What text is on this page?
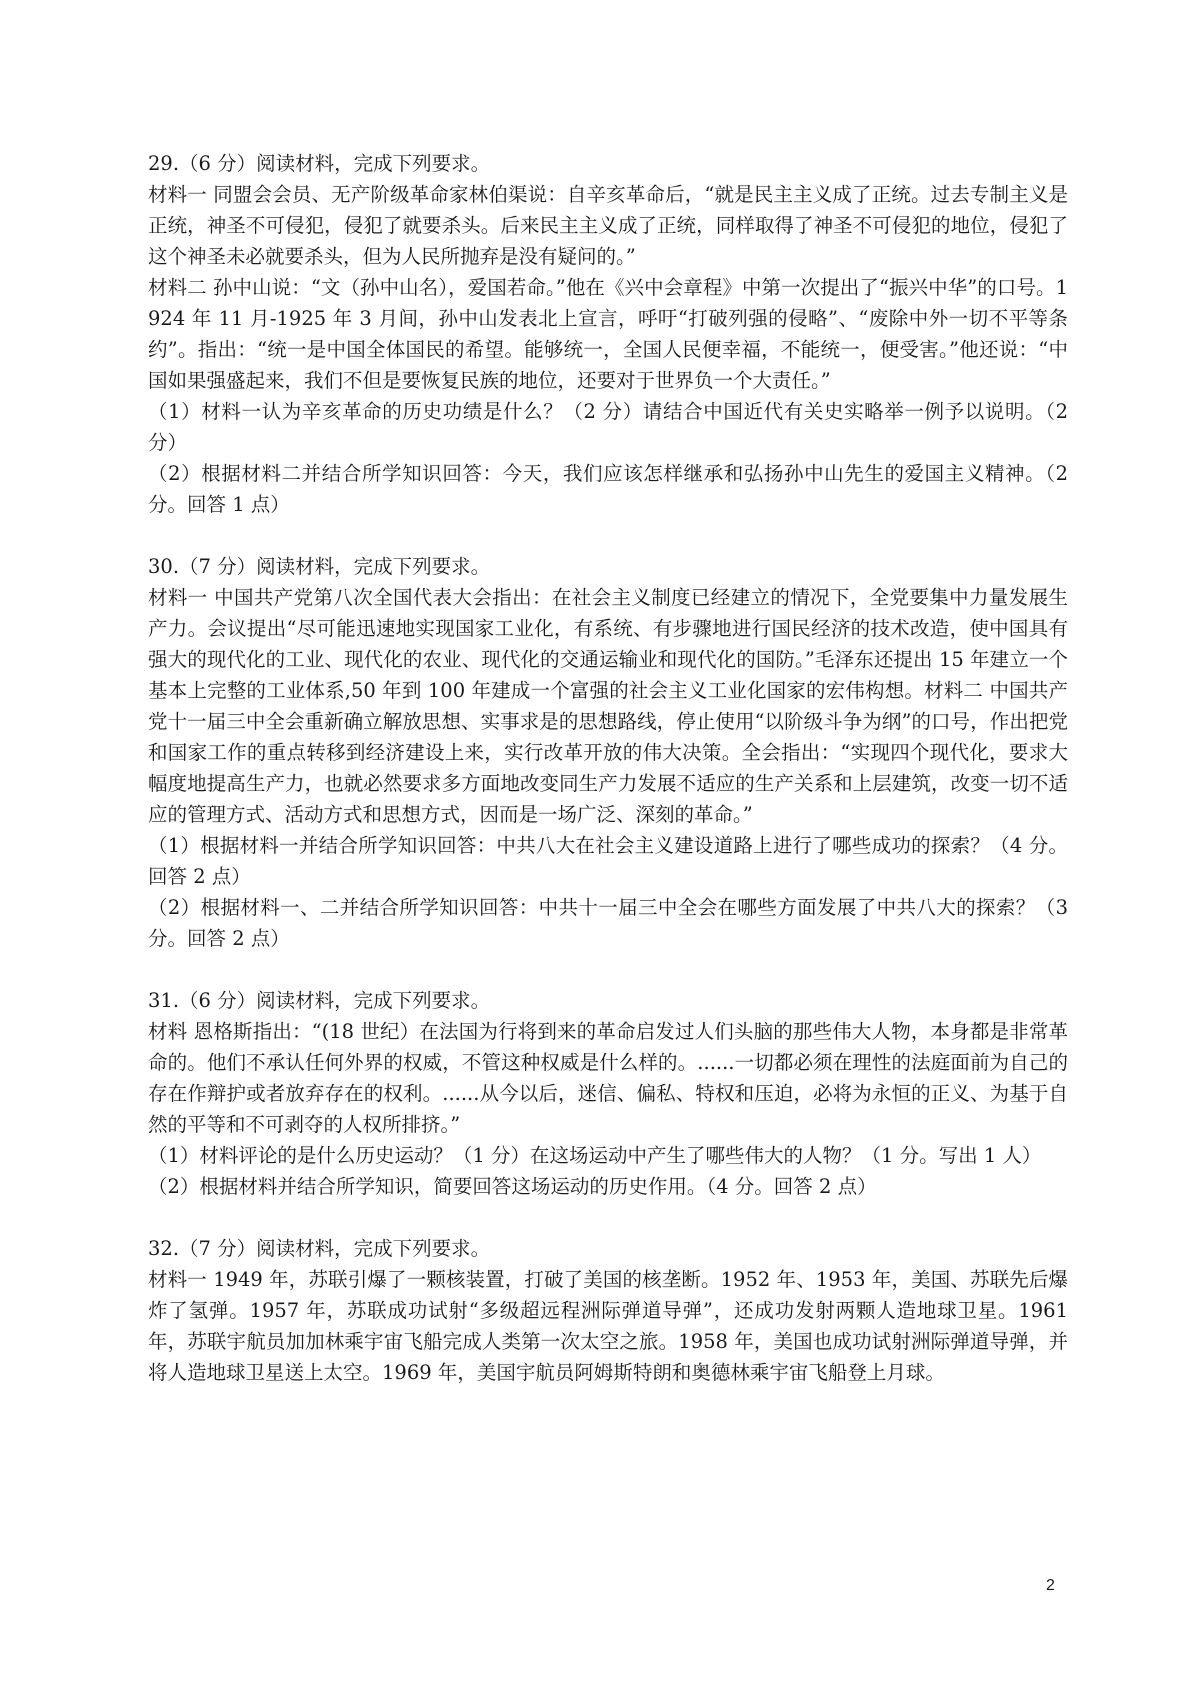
29.（6 分）阅读材料，完成下列要求。

材料一 同盟会会员、无产阶级革命家林伯渠说：自辛亥革命后，“就是民主主义成了正统。过去专制主义是正统，神圣不可侵犯，侵犯了就要杀头。后来民主主义成了正统，同样取得了神圣不可侵犯的地位，侵犯了这个神圣未必就要杀头，但为人民所抛弃是没有疑问的。”

材料二 孙中山说：“文（孙中山名），爱国若命。”他在《兴中会章程》中第一次提出了“振兴中华”的口号。1924 年 11 月-1925 年 3 月间，孙中山发表北上宣言，呼吁“打破列强的侵略”、“废除中外一切不平等条约”。指出：“统一是中国全体国民的希望。能够统一，全国人民便幸福，不能统一，便受害。”他还说：“中国如果强盛起来，我们不但是要恢复民族的地位，还要对于世界负一个大责任。”

（1）材料一认为辛亥革命的历史功绩是什么？（2 分）请结合中国近代有关史实略举一例予以说明。（2 分）

（2）根据材料二并结合所学知识回答：今天，我们应该怎样继承和弘扬孙中山先生的爱国主义精神。（2 分。回答 1 点）

30.（7 分）阅读材料，完成下列要求。

材料一 中国共产党第八次全国代表大会指出：在社会主义制度已经建立的情况下，全党要集中力量发展生产力。会议提出“尽可能迅速地实现国家工业化，有系统、有步骤地进行国民经济的技术改造，使中国具有强大的现代化的工业、现代化的农业、现代化的交通运输业和现代化的国防。”毛泽东还提出 15 年建立一个基本上完整的工业体系,50 年到 100 年建成一个富强的社会主义工业化国家的宏伟构想。材料二 中国共产党十一届三中全会重新确立解放思想、实事求是的思想路线，停止使用“以阶级斗争为纲”的口号，作出把党和国家工作的重点转移到经济建设上来，实行改革开放的伟大决策。全会指出：“实现四个现代化，要求大幅度地提高生产力，也就必然要求多方面地改变同生产力发展不适应的生产关系和上层建筑，改变一切不适应的管理方式、活动方式和思想方式，因而是一场广泛、深刻的革命。”

（1）根据材料一并结合所学知识回答：中共八大在社会主义建设道路上进行了哪些成功的探索？（4 分。回答 2 点）

（2）根据材料一、二并结合所学知识回答：中共十一届三中全会在哪些方面发展了中共八大的探索？（3 分。回答 2 点）

31.（6 分）阅读材料，完成下列要求。

材料 恩格斯指出：“(18 世纪）在法国为行将到来的革命启发过人们头脑的那些伟大人物，本身都是非常革命的。他们不承认任何外界的权威，不管这种权威是什么样的。......一切都必须在理性的法庭面前为自己的存在作辩护或者放弃存在的权利。......从今以后，迷信、偏私、特权和压迫，必将为永恒的正义、为基于自然的平等和不可剥夺的人权所排挤。”

（1）材料评论的是什么历史运动？（1 分）在这场运动中产生了哪些伟大的人物？（1 分。写出 1 人）

（2）根据材料并结合所学知识，简要回答这场运动的历史作用。（4 分。回答 2 点）

32.（7 分）阅读材料，完成下列要求。

材料一 1949 年，苏联引爆了一颗核装置，打破了美国的核垄断。1952 年、1953 年，美国、苏联先后爆炸了氢弹。1957 年，苏联成功试射“多级超远程洲际弹道导弹”，还成功发射两颗人造地球卫星。1961 年，苏联宇航员加加林乘宇宙飞船完成人类第一次太空之旅。1958 年，美国也成功试射洲际弹道导弹，并将人造地球卫星送上太空。1969 年，美国宇航员阿姆斯特朗和奥德林乘宇宙飞船登上月球。

2
